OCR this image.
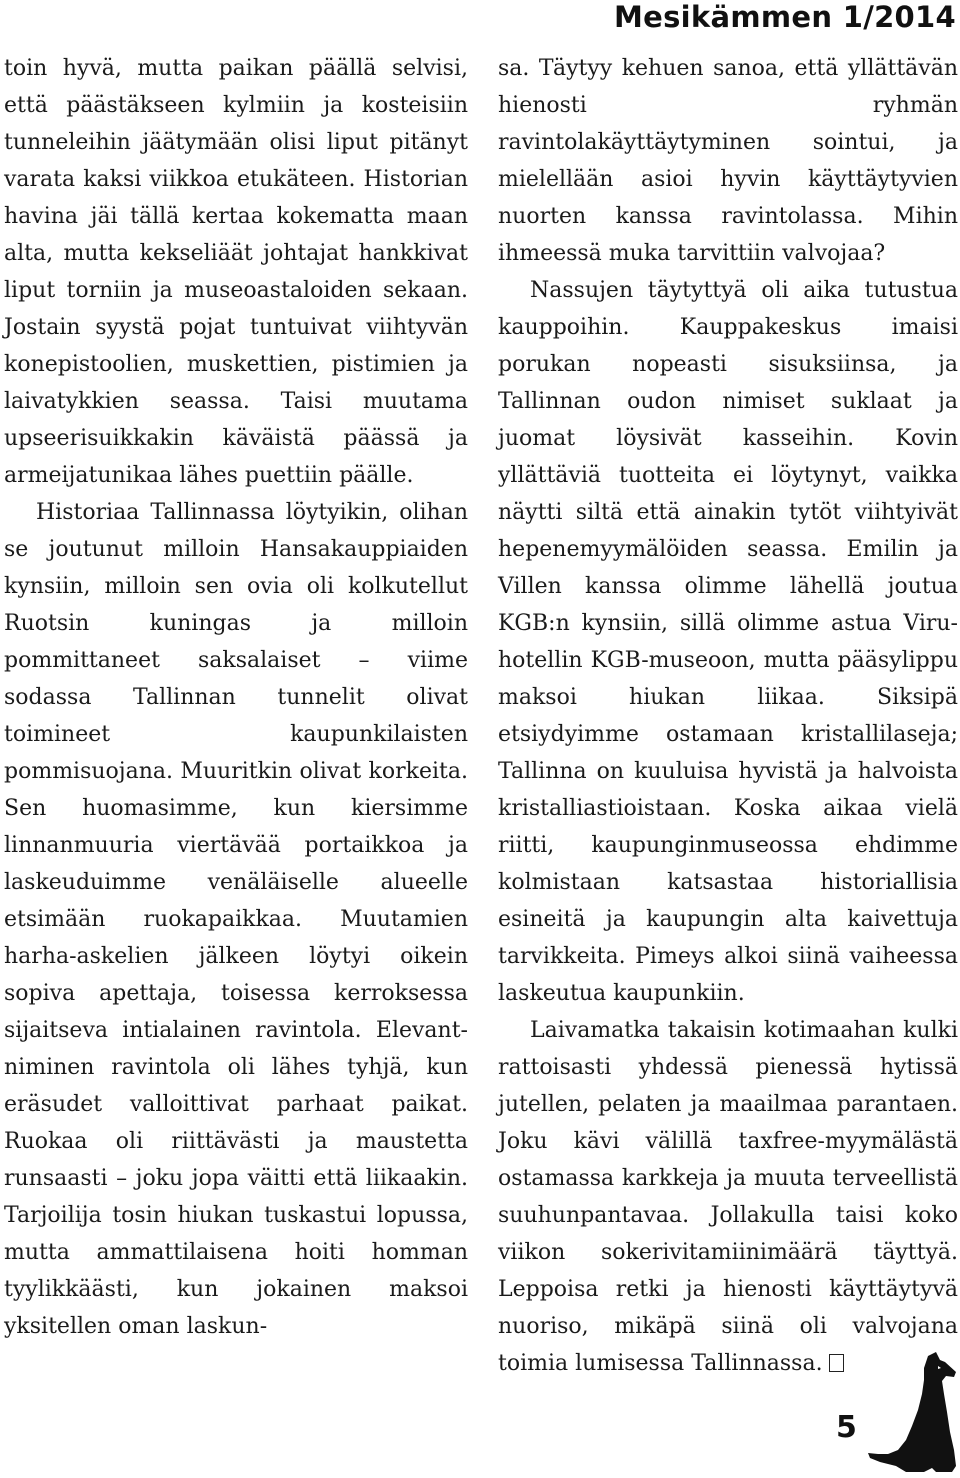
Mesikämmen 1/2014

toin hyvä, mutta paikan päällä selvisi, että päästäkseen kylmiin ja kosteisiin tunneleihin jäätymään olisi liput pitänyt varata kaksi viikkoa etukäteen. Historian havina jäi tällä kertaa kokematta maan alta, mutta kekseliäät johtajat hankkivat liput torniin ja museoastaloiden sekaan. Jostain syystä pojat tuntuivat viihtyvän konepistoolien, muskettien, pistimien ja laivatykkien seassa. Taisi muutama upseerisuikkakin käväistä päässä ja armeijatunikaa lähes puettiin päälle.

Historiaa Tallinnassa löytyikin, olihan se joutunut milloin Hansakauppiaiden kynsiin, milloin sen ovia oli kolkutellut Ruotsin kuningas ja milloin pommittaneet saksalaiset – viime sodassa Tallinnan tunnelit olivat toimineet kaupunkilaisten pommisuojana. Muuritkin olivat korkeita. Sen huomasimme, kun kiersimme linnanmuuria viertävää portaikkoa ja laskeuduimme venäläiselle alueelle etsimään ruokapaikkaa. Muutamien harha-askelien jälkeen löytyi oikein sopiva apettaja, toisessa kerroksessa sijaitseva intialainen ravintola. Elevant-niminen ravintola oli lähes tyhjä, kun eräsudet valloittivat parhaat paikat. Ruokaa oli riittävästi ja maustetta runsaasti – joku jopa väitti että liikaakin. Tarjoilija tosin hiukan tuskastui lopussa, mutta ammattilaisena hoiti homman tyylikkäästi, kun jokainen maksoi yksitellen oman laskun-

sa. Täytyy kehuen sanoa, että yllättävän hienosti ryhmän ravintolakäyttäytyminen sointui, ja mielellään asioi hyvin käyttäytyvien nuorten kanssa ravintolassa. Mihin ihmeessä muka tarvittiin valvojaa?

Nassujen täytyttyä oli aika tutustua kauppoihin. Kauppakeskus imaisi porukan nopeasti sisuksiinsa, ja Tallinnan oudon nimiset suklaat ja juomat löysivät kasseihin. Kovin yllättäviä tuotteita ei löytynyt, vaikka näytti siltä että ainakin tytöt viihtyivät hepenemyymälöiden seassa. Emilin ja Villen kanssa olimme lähellä joutua KGB:n kynsiin, sillä olimme astua Viru-hotellin KGB-museoon, mutta pääsylippu maksoi hiukan liikaa. Siksipä etsiydyimme ostamaan kristallilaseja; Tallinna on kuuluisa hyvistä ja halvoista kristalliastioistaan. Koska aikaa vielä riitti, kaupunginmuseossa ehdimme kolmistaan katsastaa historiallisia esineitä ja kaupungin alta kaivettuja tarvikkeita. Pimeys alkoi siinä vaiheessa laskeutua kaupunkiin.

Laivamatka takaisin kotimaahan kulki rattoisasti yhdessä pienessä hytissä jutellen, pelaten ja maailmaa parantaen. Joku kävi välillä taxfree-myymälästä ostamassa karkkeja ja muuta terveellistä suuhunpantavaa. Jollakulla taisi koko viikon sokerivitamiinimäärä täyttyä. Leppoisa retki ja hienosti käyttäytyvä nuoriso, mikäpä siinä oli valvojana toimia lumisessa Tallinnassa.

5
